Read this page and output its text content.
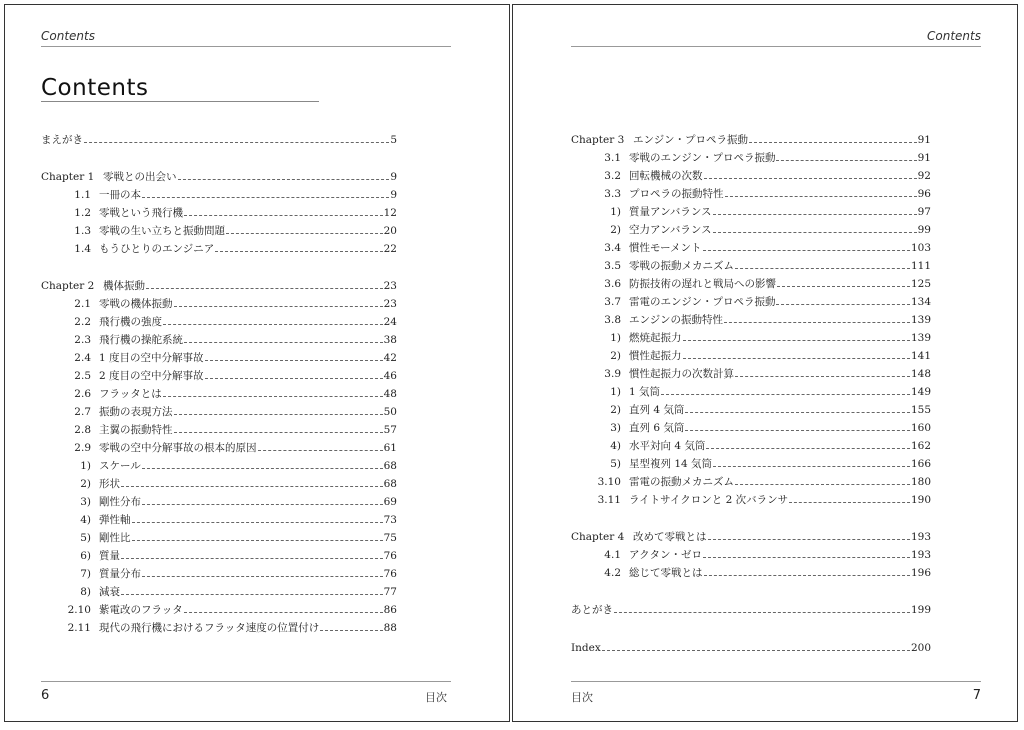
Contents
Contents
まえがき	5
Chapter 1 零戦との出会い	9
1.1 一冊の本	9
1.2 零戦という飛行機	12
1.3 零戦の生い立ちと振動問題	20
1.4 もうひとりのエンジニア	22
Chapter 2 機体振動	23
2.1 零戦の機体振動	23
2.2 飛行機の強度	24
2.3 飛行機の操舵系統	38
2.4 1 度目の空中分解事故	42
2.5 2 度目の空中分解事故	46
2.6 フラッタとは	48
2.7 振動の表現方法	50
2.8 主翼の振動特性	57
2.9 零戦の空中分解事故の根本的原因	61
1) スケール	68
2) 形状	68
3) 剛性分布	69
4) 弾性軸	73
5) 剛性比	75
6) 質量	76
7) 質量分布	76
8) 減衰	77
2.10 紫電改のフラッタ	86
2.11 現代の飛行機におけるフラッタ速度の位置付け	88
6	目次
Contents
Chapter 3 エンジン・プロペラ振動	91
3.1 零戦のエンジン・プロペラ振動	91
3.2 回転機械の次数	92
3.3 プロペラの振動特性	96
1) 質量アンバランス	97
2) 空力アンバランス	99
3.4 慣性モーメント	103
3.5 零戦の振動メカニズム	111
3.6 防振技術の遅れと戦局への影響	125
3.7 雷電のエンジン・プロペラ振動	134
3.8 エンジンの振動特性	139
1) 燃焼起振力	139
2) 慣性起振力	141
3.9 慣性起振力の次数計算	148
1) 1 気筒	149
2) 直列 4 気筒	155
3) 直列 6 気筒	160
4) 水平対向 4 気筒	162
5) 星型複列 14 気筒	166
3.10 雷電の振動メカニズム	180
3.11 ライトサイクロンと 2 次バランサ	190
Chapter 4 改めて零戦とは	193
4.1 アクタン・ゼロ	193
4.2 総じて零戦とは	196
あとがき	199
Index	200
目次	7
